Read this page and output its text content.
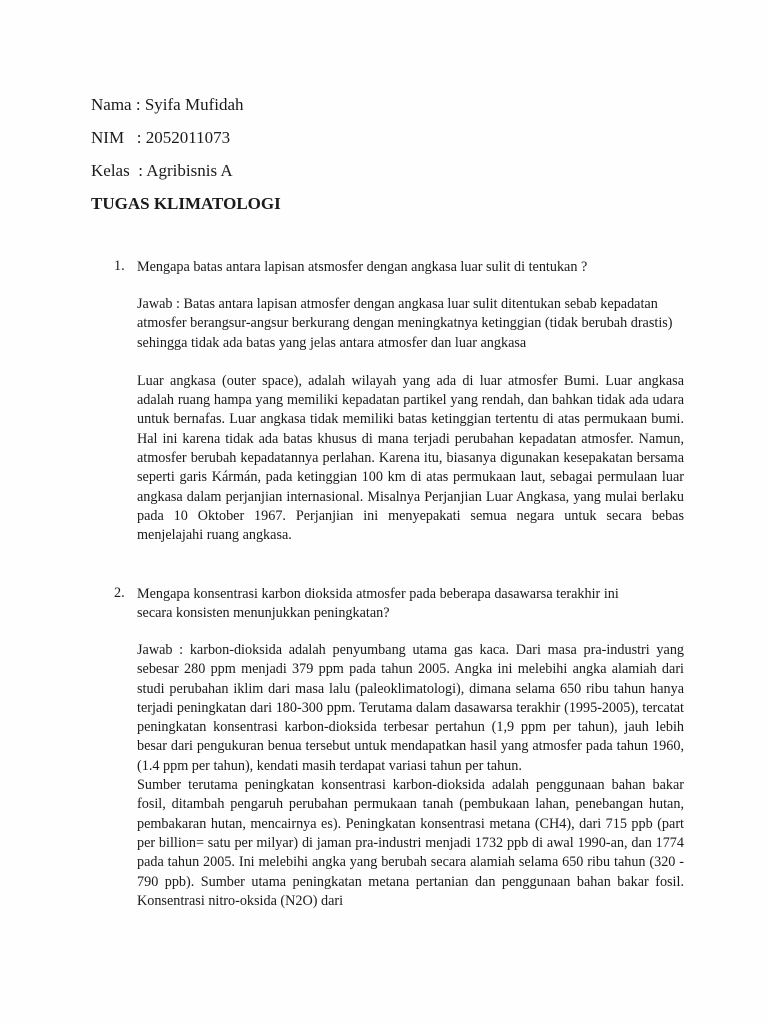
Nama : Syifa Mufidah
NIM   : 2052011073
Kelas  : Agribisnis A
TUGAS KLIMATOLOGI
1. Mengapa batas antara lapisan atsmosfer dengan angkasa luar sulit di tentukan ?

Jawab : Batas antara lapisan atmosfer dengan angkasa luar sulit ditentukan sebab kepadatan atmosfer berangsur-angsur berkurang dengan meningkatnya ketinggian (tidak berubah drastis) sehingga tidak ada batas yang jelas antara atmosfer dan luar angkasa

Luar angkasa (outer space), adalah wilayah yang ada di luar atmosfer Bumi. Luar angkasa adalah ruang hampa yang memiliki kepadatan partikel yang rendah, dan bahkan tidak ada udara untuk bernafas. Luar angkasa tidak memiliki batas ketinggian tertentu di atas permukaan bumi. Hal ini karena tidak ada batas khusus di mana terjadi perubahan kepadatan atmosfer. Namun, atmosfer berubah kepadatannya perlahan. Karena itu, biasanya digunakan kesepakatan bersama seperti garis Kármán, pada ketinggian 100 km di atas permukaan laut, sebagai permulaan luar angkasa dalam perjanjian internasional. Misalnya Perjanjian Luar Angkasa, yang mulai berlaku pada 10 Oktober 1967. Perjanjian ini menyepakati semua negara untuk secara bebas menjelajahi ruang angkasa.

2. Mengapa konsentrasi karbon dioksida atmosfer pada beberapa dasawarsa terakhir ini secara konsisten menunjukkan peningkatan?

Jawab : karbon-dioksida adalah penyumbang utama gas kaca. Dari masa pra-industri yang sebesar 280 ppm menjadi 379 ppm pada tahun 2005. Angka ini melebihi angka alamiah dari studi perubahan iklim dari masa lalu (paleoklimatologi), dimana selama 650 ribu tahun hanya terjadi peningkatan dari 180-300 ppm. Terutama dalam dasawarsa terakhir (1995-2005), tercatat peningkatan konsentrasi karbon-dioksida terbesar pertahun (1,9 ppm per tahun), jauh lebih besar dari pengukuran benua tersebut untuk mendapatkan hasil yang atmosfer pada tahun 1960, (1.4 ppm per tahun), kendati masih terdapat variasi tahun per tahun.

Sumber terutama peningkatan konsentrasi karbon-dioksida adalah penggunaan bahan bakar fosil, ditambah pengaruh perubahan permukaan tanah (pembukaan lahan, penebangan hutan, pembakaran hutan, mencairnya es). Peningkatan konsentrasi metana (CH4), dari 715 ppb (part per billion= satu per milyar) di jaman pra-industri menjadi 1732 ppb di awal 1990-an, dan 1774 pada tahun 2005. Ini melebihi angka yang berubah secara alamiah selama 650 ribu tahun (320 - 790 ppb). Sumber utama peningkatan metana pertanian dan penggunaan bahan bakar fosil. Konsentrasi nitro-oksida (N2O) dari
